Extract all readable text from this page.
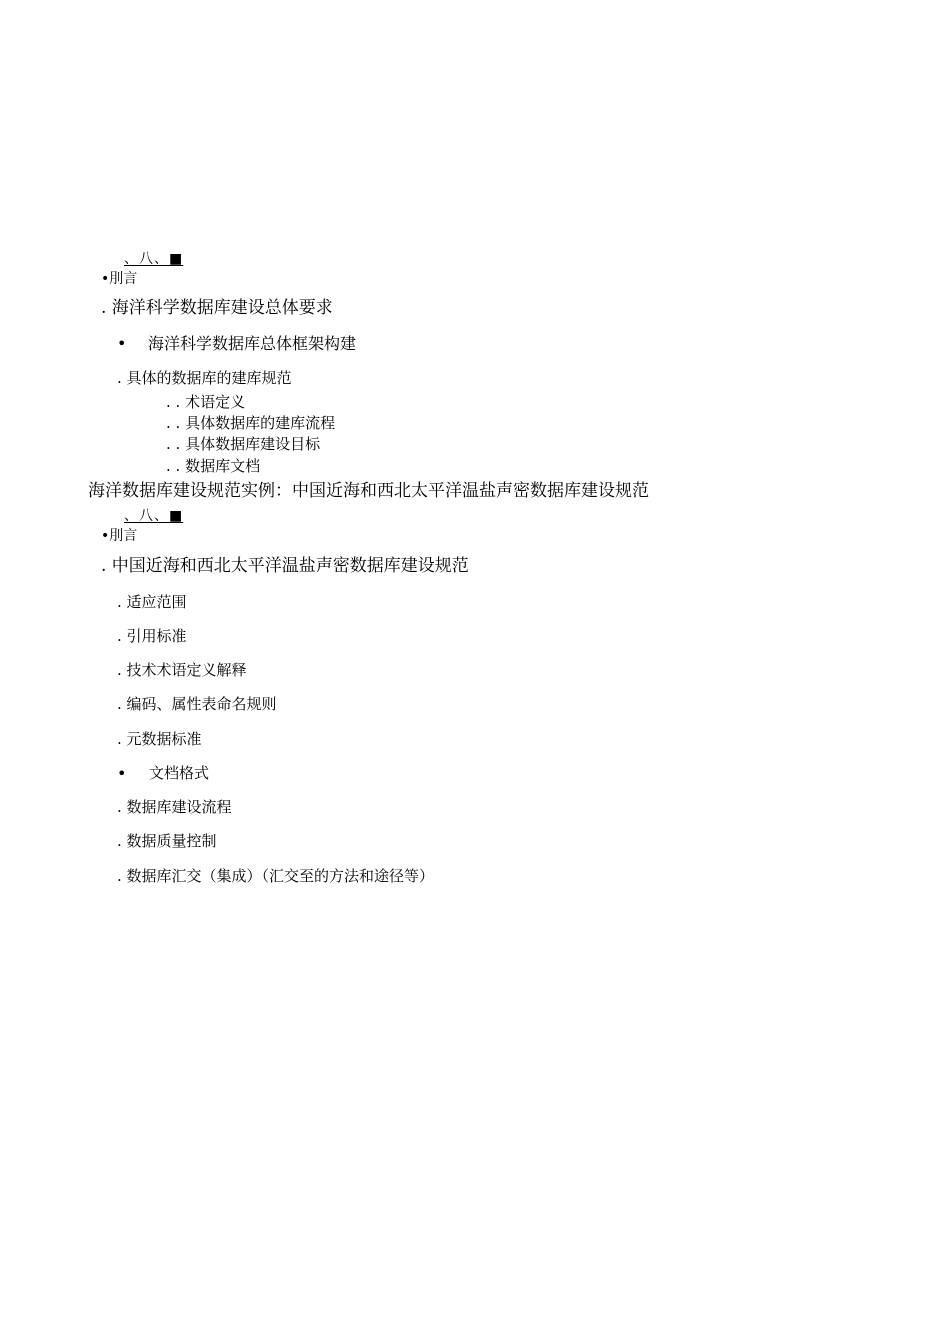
、八、■
•刖言
. 海洋科学数据库建设总体要求
• 海洋科学数据库总体框架构建
. 具体的数据库的建库规范
. . 术语定义
. . 具体数据库的建库流程
. . 具体数据库建设目标
. . 数据库文档
海洋数据库建设规范实例：中国近海和西北太平洋温盐声密数据库建设规范
、八、■
•刖言
. 中国近海和西北太平洋温盐声密数据库建设规范
. 适应范围
. 引用标准
. 技术术语定义解释
. 编码、属性表命名规则
. 元数据标准
• 文档格式
. 数据库建设流程
. 数据质量控制
. 数据库汇交（集成）（汇交至的方法和途径等）
